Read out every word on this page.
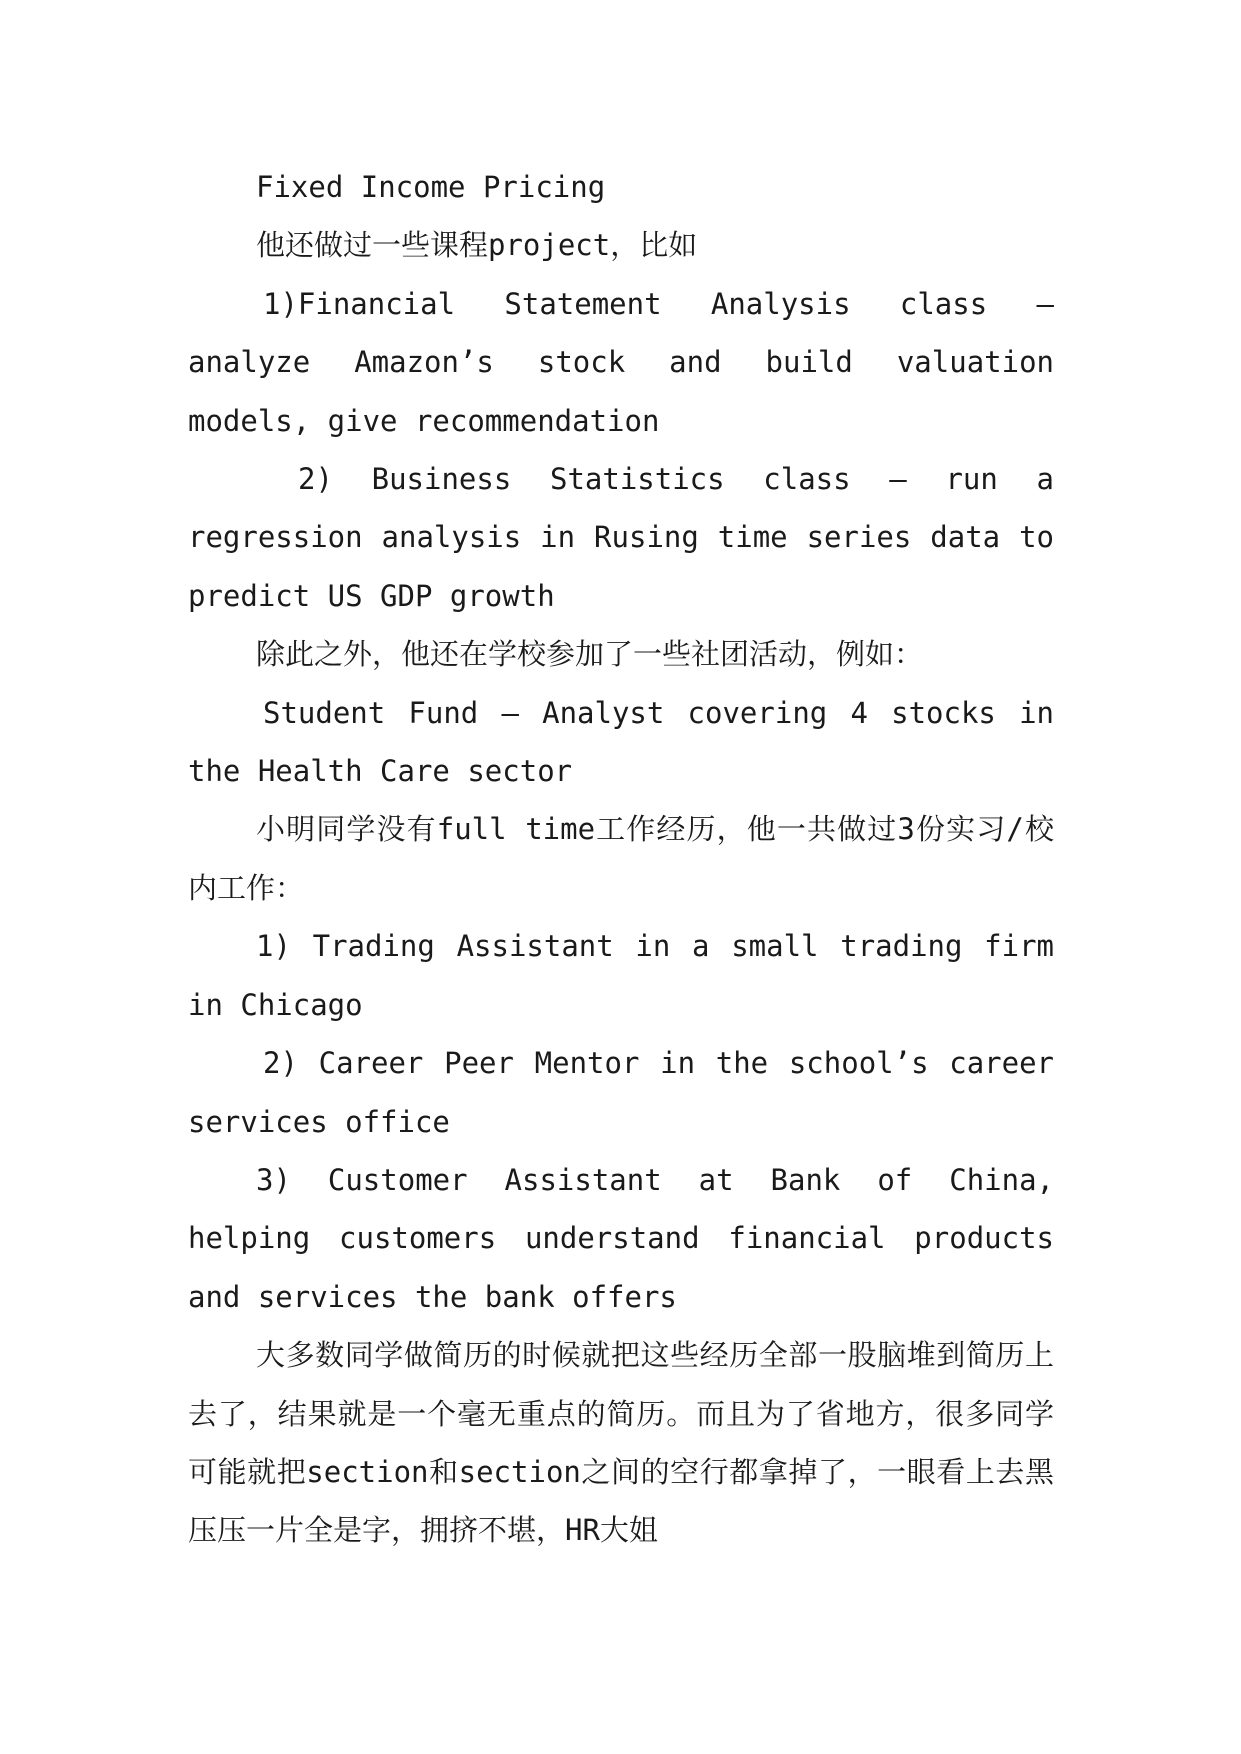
Fixed Income Pricing

他还做过一些课程project，比如

1)Financial Statement Analysis class – analyze Amazon’s stock and build valuation models, give recommendation

2) Business Statistics class – run a regression analysis in Rusing time series data to predict US GDP growth

除此之外，他还在学校参加了一些社团活动，例如：

Student Fund – Analyst covering 4 stocks in the Health Care sector

小明同学没有full time工作经历，他一共做过3份实习/校内工作：

1) Trading Assistant in a small trading firm in Chicago

2) Career Peer Mentor in the school’s career services office

3) Customer Assistant at Bank of China, helping customers understand financial products and services the bank offers

大多数同学做简历的时候就把这些经历全部一股脑堆到简历上去了，结果就是一个毫无重点的简历。而且为了省地方，很多同学可能就把section和section之间的空行都拿掉了，一眼看上去黑压压一片全是字，拥挤不堪，HR大姐
